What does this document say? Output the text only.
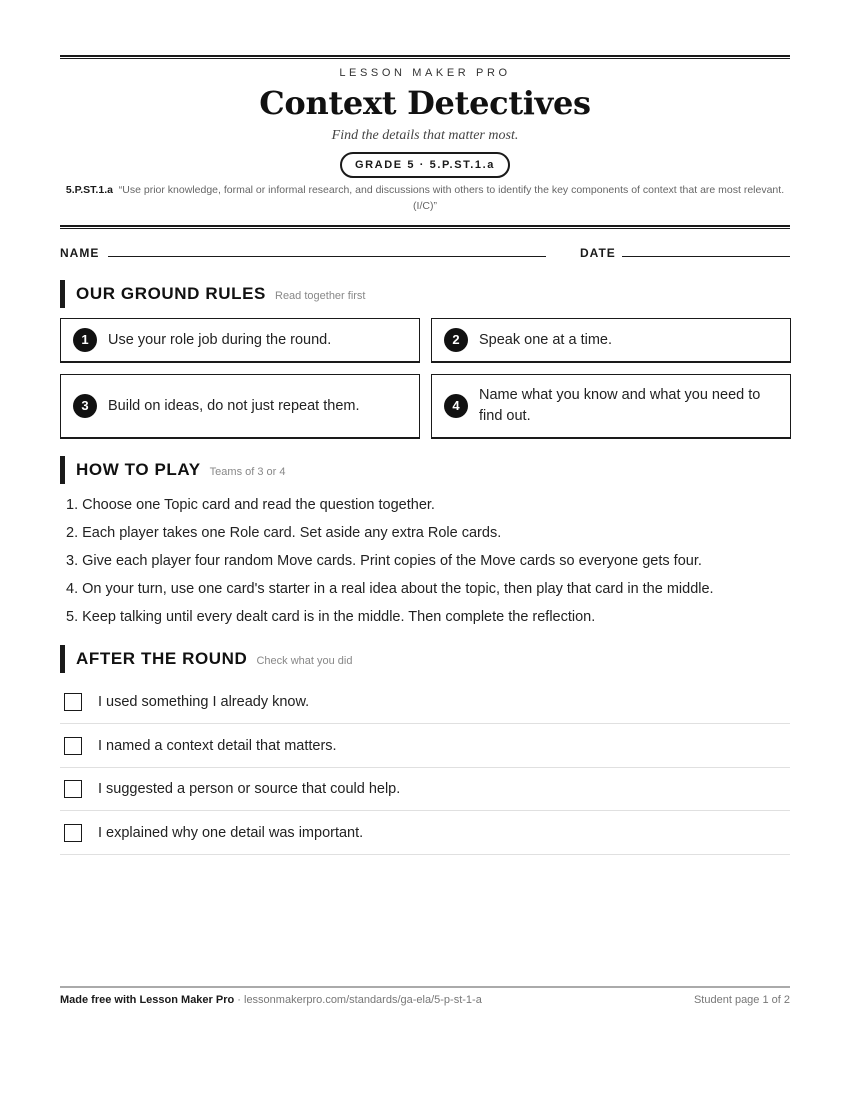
LESSON MAKER PRO
Context Detectives
Find the details that matter most.
GRADE 5 · 5.P.ST.1.a
5.P.ST.1.a “Use prior knowledge, formal or informal research, and discussions with others to identify the key components of context that are most relevant. (I/C)”
NAME	DATE
OUR GROUND RULES Read together first
1	Use your role job during the round.	2	Speak one at a time.
3	Build on ideas, do not just repeat them.	4
Name what you know and what you need to find out.
HOW TO PLAY Teams of 3 or 4
1. Choose one Topic card and read the question together.
2. Each player takes one Role card. Set aside any extra Role cards.
3. Give each player four random Move cards. Print copies of the Move cards so everyone gets four.
4. On your turn, use one card's starter in a real idea about the topic, then play that card in the middle.
5. Keep talking until every dealt card is in the middle. Then complete the reflection.
AFTER THE ROUND Check what you did
I used something I already know.
I named a context detail that matters.
I suggested a person or source that could help.
I explained why one detail was important.
Made free with Lesson Maker Pro · lessonmakerpro.com/standards/ga-ela/5-p-st-1-a	Student page 1 of 2
